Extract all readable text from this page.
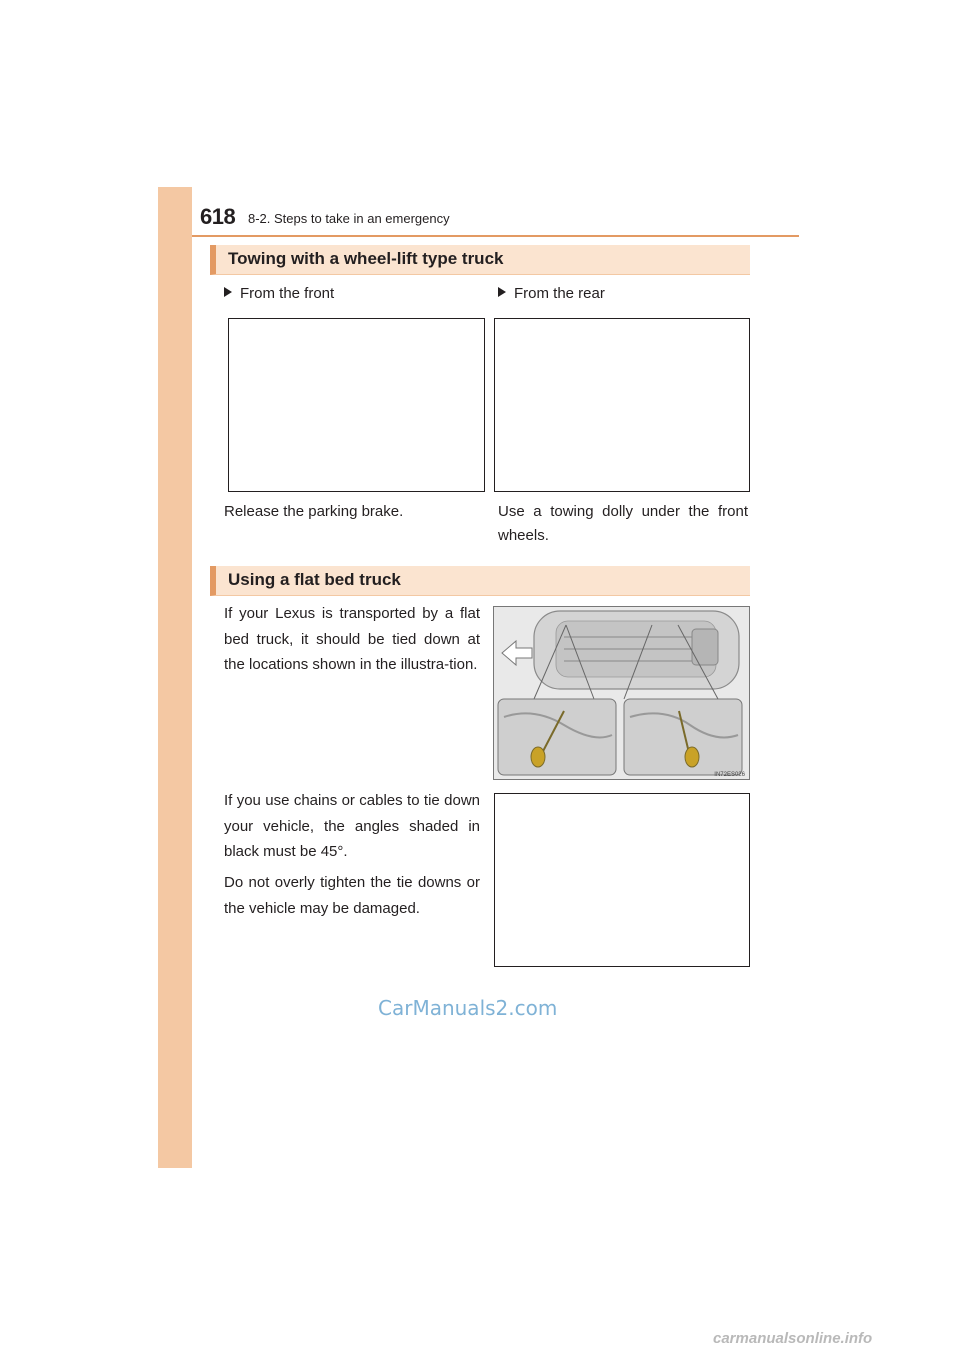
618 8-2. Steps to take in an emergency
Towing with a wheel-lift type truck
From the front	From the rear
Release the parking brake.	Use a towing dolly under the front wheels.
Using a flat bed truck
If your Lexus is transported by a flat bed truck, it should be tied down at the locations shown in the illustra-tion.
IN72ES026
If you use chains or cables to tie down your vehicle, the angles shaded in black must be 45°.
Do not overly tighten the tie downs or the vehicle may be damaged.
CarManuals2.com
carmanualsonline.info
